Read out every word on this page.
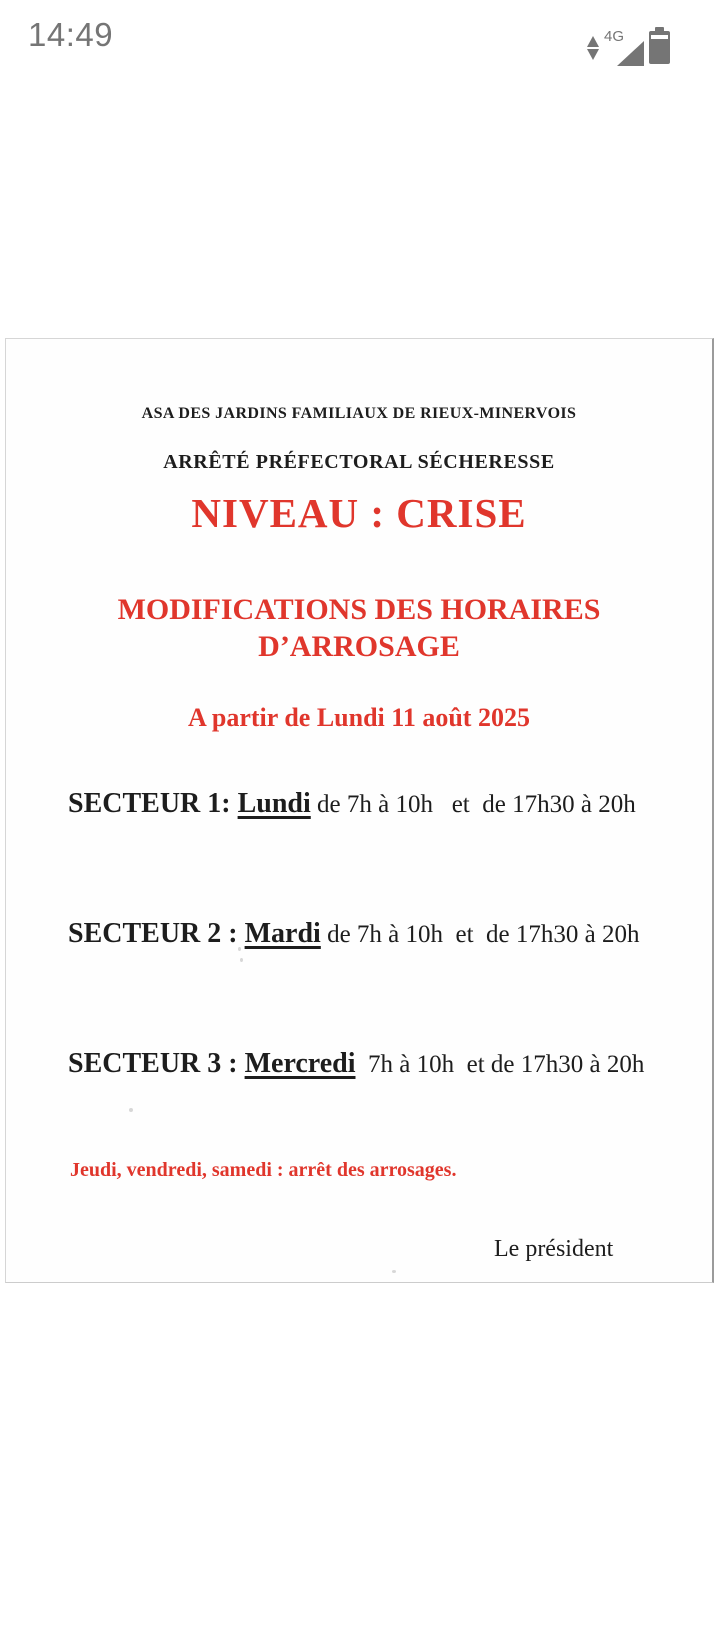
14:49	4G
ASA DES JARDINS FAMILIAUX DE RIEUX-MINERVOIS
ARRÊTÉ PRÉFECTORAL SÉCHERESSE
NIVEAU : CRISE
MODIFICATIONS DES HORAIRES
D’ARROSAGE
A partir de Lundi 11 août 2025
SECTEUR 1: Lundi de 7h à 10h   et  de 17h30 à 20h
SECTEUR 2 : Mardi de 7h à 10h  et  de 17h30 à 20h
SECTEUR 3 : Mercredi  7h à 10h  et de 17h30 à 20h
Jeudi, vendredi, samedi : arrêt des arrosages.
Le président
